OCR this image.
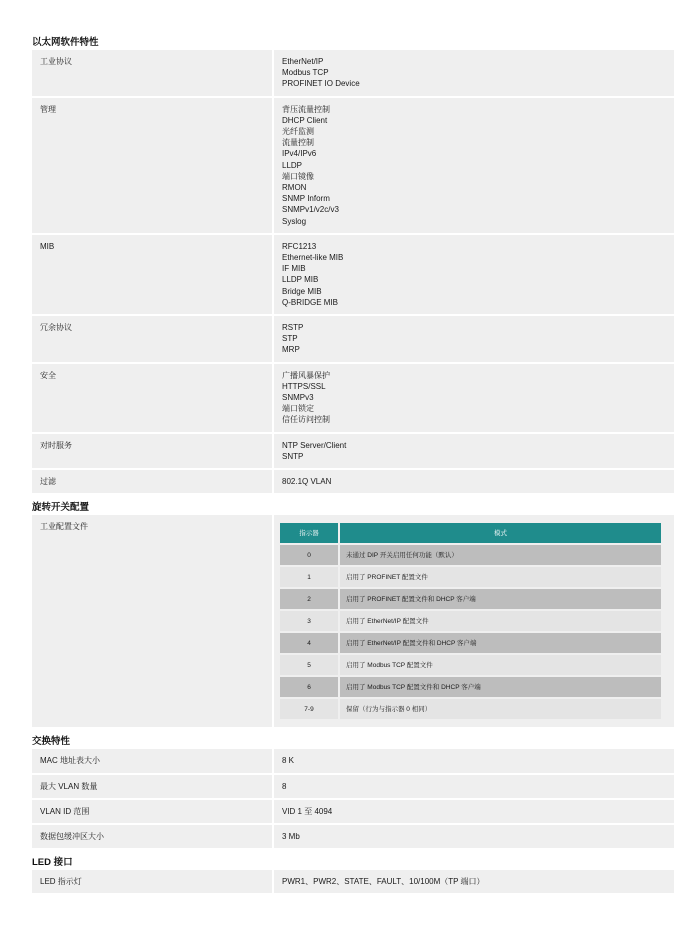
以太网软件特性
工业协议	EtherNet/IP
Modbus TCP
PROFINET IO Device
管理	背压流量控制
DHCP Client
光纤监测
流量控制
IPv4/IPv6
LLDP
端口镜像
RMON
SNMP Inform
SNMPv1/v2c/v3
Syslog
MIB	RFC1213
Ethernet-like MIB
IF MIB
LLDP MIB
Bridge MIB
Q-BRIDGE MIB
冗余协议	RSTP
STP
MRP
安全	广播风暴保护
HTTPS/SSL
SNMPv3
端口锁定
信任访问控制
对时服务	NTP Server/Client
SNTP
过滤	802.1Q VLAN
旋转开关配置
工业配置文件
指示器	模式
0	未通过 DIP 开关启用任何功能（默认）
1	启用了 PROFINET 配置文件
2	启用了 PROFINET 配置文件和 DHCP 客户端
3	启用了 EtherNet/IP 配置文件
4	启用了 EtherNet/IP 配置文件和 DHCP 客户端
5	启用了 Modbus TCP 配置文件
6	启用了 Modbus TCP 配置文件和 DHCP 客户端
7-9	保留（行为与指示器 0 相同）
交换特性
MAC 地址表大小	8 K
最大 VLAN 数量	8
VLAN ID 范围	VID 1 至 4094
数据包缓冲区大小	3 Mb
LED 接口
LED 指示灯	PWR1、PWR2、STATE、FAULT、10/100M（TP 端口）
